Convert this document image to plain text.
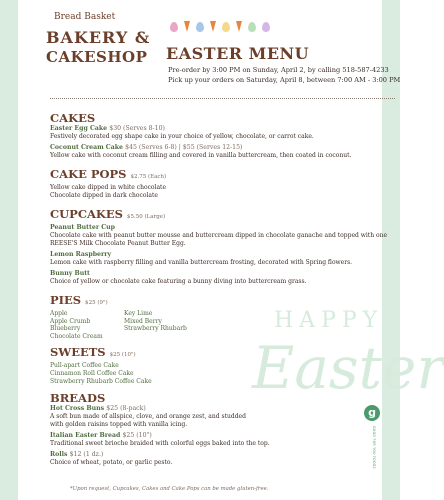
Bread Basket
BAKERY &
CAKESHOP EASTER MENU
Pre-order by 3:00 PM on Sunday, April 2, by calling 518-587-4233
Pick up your orders on Saturday, April 8, between 7:00 AM - 3:00 PM
CAKES
Easter Egg Cake $30 (Serves 8-10)
Festively decorated egg shape cake in your choice of yellow, chocolate, or carrot cake.
Coconut Cream Cake $45 (Serves 6-8) | $55 (Serves 12-15)
Yellow cake with coconut cream filling and covered in vanilla buttercream, then coated in coconut.
CAKE POPS $2.75 (Each)
Yellow cake dipped in white chocolate
Chocolate dipped in dark chocolate
CUPCAKES $5.50 (Large)
Peanut Butter Cup
Chocolate cake with peanut butter mousse and buttercream dipped in chocolate ganache and topped with one REESE'S Milk Chocolate Peanut Butter Egg.
Lemon Raspberry
Lemon cake with raspberry filling and vanilla buttercream frosting, decorated with Spring flowers.
Bunny Butt
Choice of yellow or chocolate cake featuring a bunny diving into buttercream grass.
PIES $25 (9")
Apple
Apple Crumb
Blueberry
Chocolate Cream
Key Lime
Mixed Berry
Strawberry Rhubarb
SWEETS $25 (10")
Pull-apart Coffee Cake
Cinnamon Roll Coffee Cake
Strawberry Rhubarb Coffee Cake
BREADS
Hot Cross Buns $25 (8-pack)
A soft bun made of allspice, clove, and orange zest, and studded with golden raisins topped with vanilla icing.
Italian Easter Bread $25 (10")
Traditional sweet brioche braided with colorful eggs baked into the top.
Rolls $12 (1 dz.)
Choice of wheat, potato, or garlic pesto.
HAPPY
Easter
*Upon request, Cupcakes, Cakes and Cake Pops can be made gluten-free.
g
GOOD FOR YOU FOODS
